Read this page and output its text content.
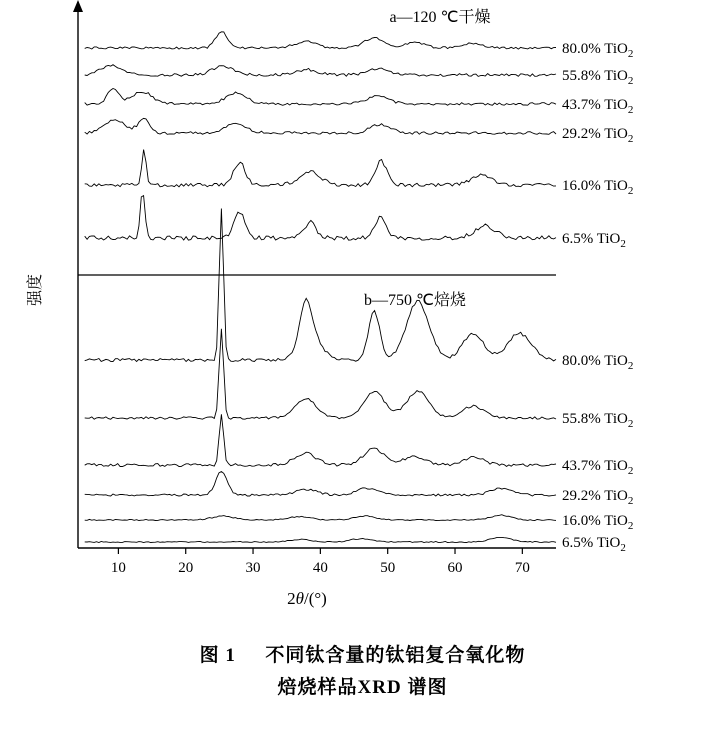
10	20	30	40	50	60	70
2θ/(°)
强度
a—120 ℃干燥
b—750 ℃焙烧
80.0% TiO$_2$
55.8% TiO$_2$
43.7% TiO$_2$
29.2% TiO$_2$
16.0% TiO$_2$
6.5% TiO$_2$
80.0% TiO$_2$
55.8% TiO$_2$
43.7% TiO$_2$
29.2% TiO$_2$
16.0% TiO$_2$
6.5% TiO$_2$
图 1 不同钛含量的钛铝复合氧化物
焙烧样品XRD 谱图
